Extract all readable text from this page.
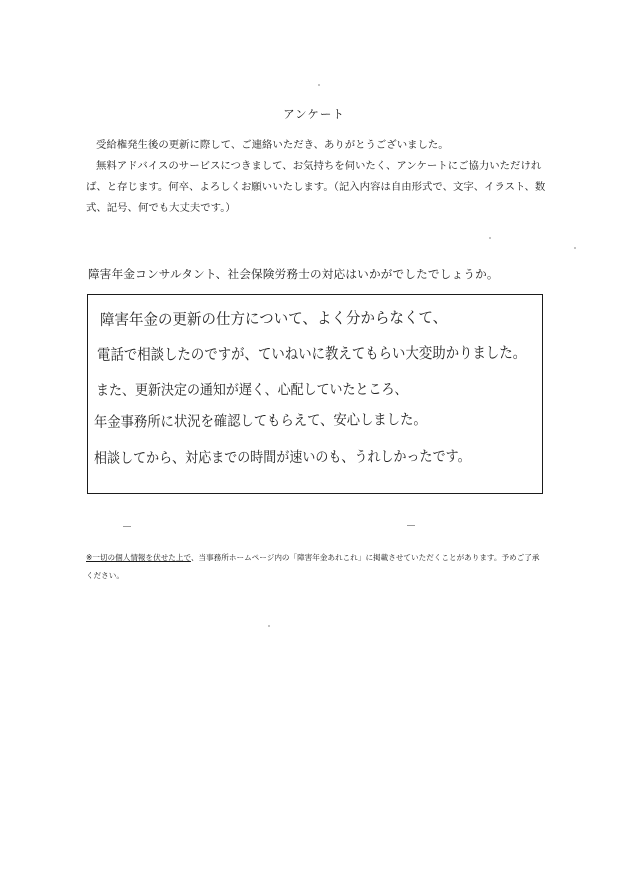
アンケート

受給権発生後の更新に際して、ご連絡いただき、ありがとうございました。

無料アドバイスのサービスにつきまして、お気持ちを伺いたく、アンケートにご協力いただければ、と存じます。何卒、よろしくお願いいたします。（記入内容は自由形式で、文字、イラスト、数式、記号、何でも大丈夫です。）

障害年金コンサルタント、社会保険労務士の対応はいかがでしたでしょうか。
障害年金の更新の仕方について、よく分からなくて、
電話で相談したのですが、ていねいに教えてもらい大変助かりました。
また、更新決定の通知が遅く、心配していたところ、
年金事務所に状況を確認してもらえて、安心しました。
相談してから、対応までの時間が速いのも、うれしかったです。
※一切の個人情報を伏せた上で、当事務所ホームページ内の「障害年金あれこれ」に掲載させていただくことがあります。予めご了承ください。
